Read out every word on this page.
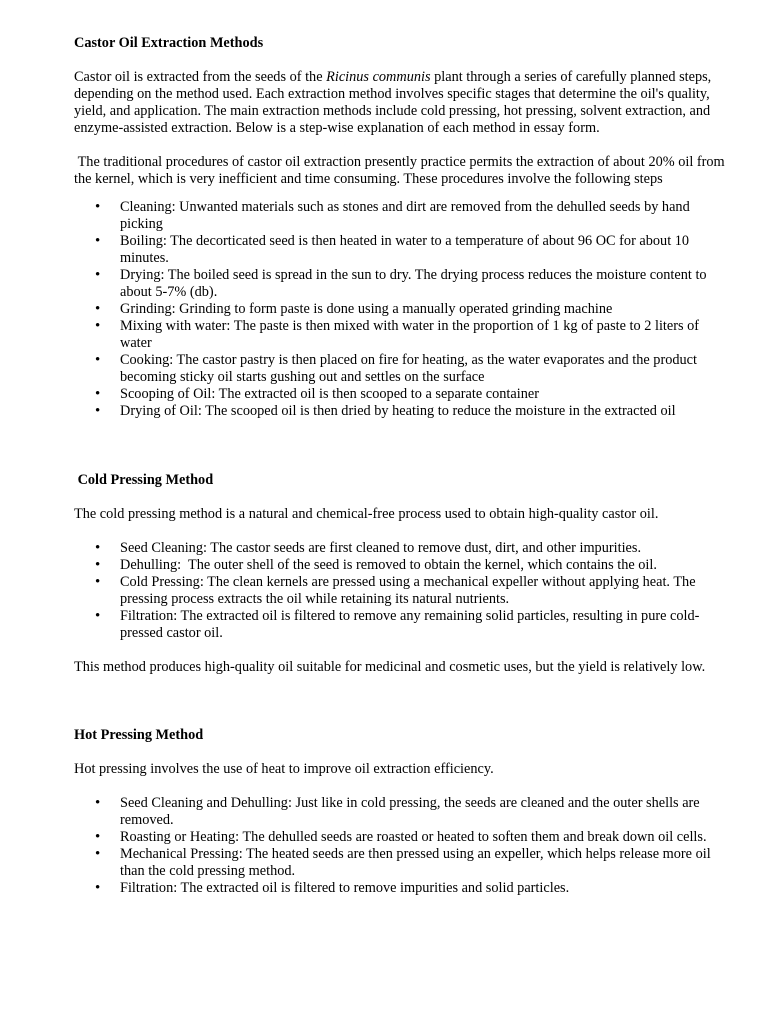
Castor Oil Extraction Methods

Castor oil is extracted from the seeds of the Ricinus communis plant through a series of carefully planned steps, depending on the method used. Each extraction method involves specific stages that determine the oil's quality, yield, and application. The main extraction methods include cold pressing, hot pressing, solvent extraction, and enzyme-assisted extraction. Below is a step-wise explanation of each method in essay form.

The traditional procedures of castor oil extraction presently practice permits the extraction of about 20% oil from the kernel, which is very inefficient and time consuming. These procedures involve the following steps

• Cleaning: Unwanted materials such as stones and dirt are removed from the dehulled seeds by hand picking
• Boiling: The decorticated seed is then heated in water to a temperature of about 96 OC for about 10 minutes.
• Drying: The boiled seed is spread in the sun to dry. The drying process reduces the moisture content to about 5-7% (db).
• Grinding: Grinding to form paste is done using a manually operated grinding machine
• Mixing with water: The paste is then mixed with water in the proportion of 1 kg of paste to 2 liters of water
• Cooking: The castor pastry is then placed on fire for heating, as the water evaporates and the product becoming sticky oil starts gushing out and settles on the surface
• Scooping of Oil: The extracted oil is then scooped to a separate container
• Drying of Oil: The scooped oil is then dried by heating to reduce the moisture in the extracted oil

Cold Pressing Method

The cold pressing method is a natural and chemical-free process used to obtain high-quality castor oil.

• Seed Cleaning: The castor seeds are first cleaned to remove dust, dirt, and other impurities.
• Dehulling:  The outer shell of the seed is removed to obtain the kernel, which contains the oil.
• Cold Pressing: The clean kernels are pressed using a mechanical expeller without applying heat. The pressing process extracts the oil while retaining its natural nutrients.
• Filtration: The extracted oil is filtered to remove any remaining solid particles, resulting in pure cold-pressed castor oil.

This method produces high-quality oil suitable for medicinal and cosmetic uses, but the yield is relatively low.

Hot Pressing Method

Hot pressing involves the use of heat to improve oil extraction efficiency.

• Seed Cleaning and Dehulling: Just like in cold pressing, the seeds are cleaned and the outer shells are removed.
• Roasting or Heating: The dehulled seeds are roasted or heated to soften them and break down oil cells.
• Mechanical Pressing: The heated seeds are then pressed using an expeller, which helps release more oil than the cold pressing method.
• Filtration: The extracted oil is filtered to remove impurities and solid particles.
